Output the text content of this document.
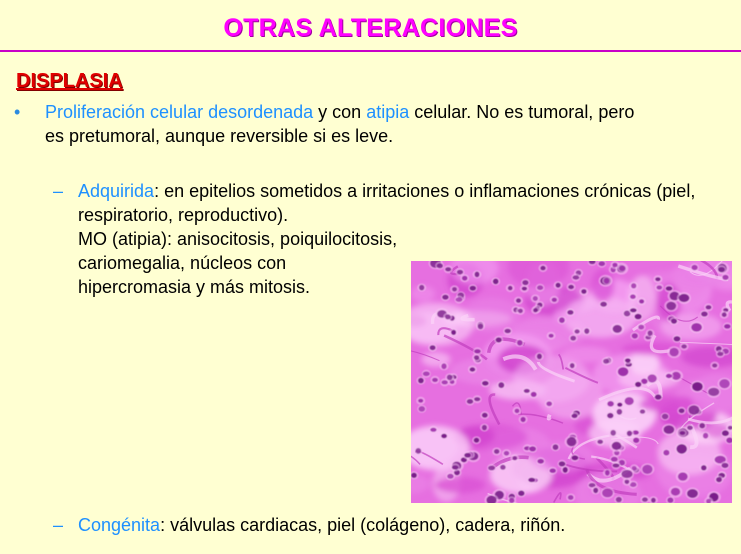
OTRAS ALTERACIONES
DISPLASIA
• Proliferación celular desordenada y con atipia celular. No es tumoral, pero es pretumoral, aunque reversible si es leve.
– Adquirida: en epitelios sometidos a irritaciones o inflamaciones crónicas (piel, respiratorio, reproductivo).
MO (atipia): anisocitosis, poiquilocitosis, cariomegalia, núcleos con hipercromasia y más mitosis.
– Congénita: válvulas cardiacas, piel (colágeno), cadera, riñón.
